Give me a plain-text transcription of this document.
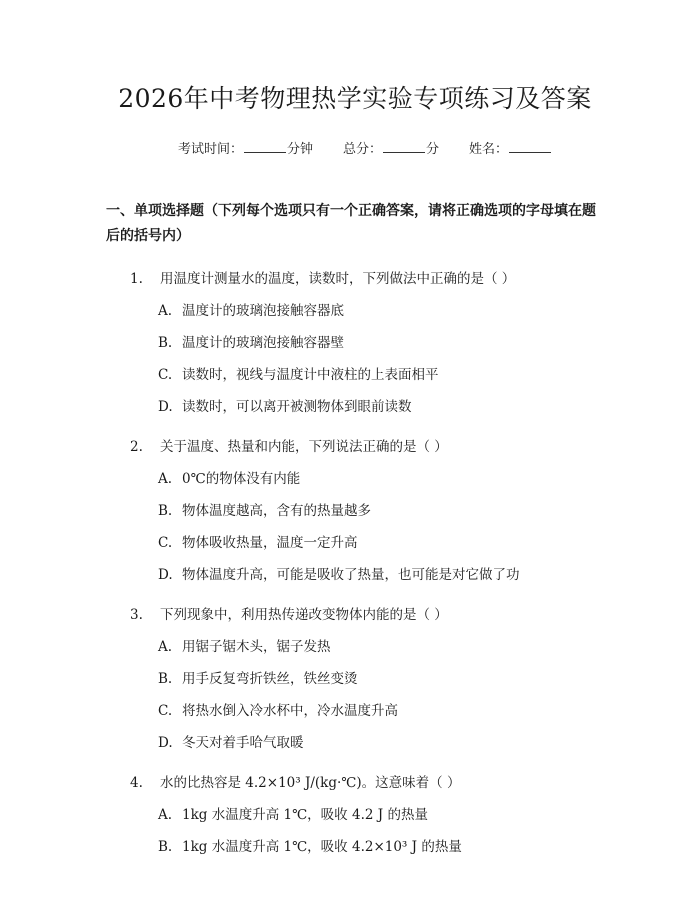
2026年中考物理热学实验专项练习及答案
考试时间：	分钟 总分：	分 姓名：
一、单项选择题（下列每个选项只有一个正确答案，请将正确选项的字母填在题后的括号内）
1.	用温度计测量水的温度，读数时，下列做法中正确的是（ ）
A. 温度计的玻璃泡接触容器底
B. 温度计的玻璃泡接触容器壁
C. 读数时，视线与温度计中液柱的上表面相平
D. 读数时，可以离开被测物体到眼前读数
2.	关于温度、热量和内能，下列说法正确的是（ ）
A. 0℃的物体没有内能
B. 物体温度越高，含有的热量越多
C. 物体吸收热量，温度一定升高
D. 物体温度升高，可能是吸收了热量，也可能是对它做了功
3.	下列现象中，利用热传递改变物体内能的是（ ）
A. 用锯子锯木头，锯子发热
B. 用手反复弯折铁丝，铁丝变烫
C. 将热水倒入冷水杯中，冷水温度升高
D. 冬天对着手哈气取暖
4.	水的比热容是 4.2×10³ J/(kg·℃)。这意味着（ ）
A. 1kg 水温度升高 1℃，吸收 4.2 J 的热量
B. 1kg 水温度升高 1℃，吸收 4.2×10³ J 的热量
